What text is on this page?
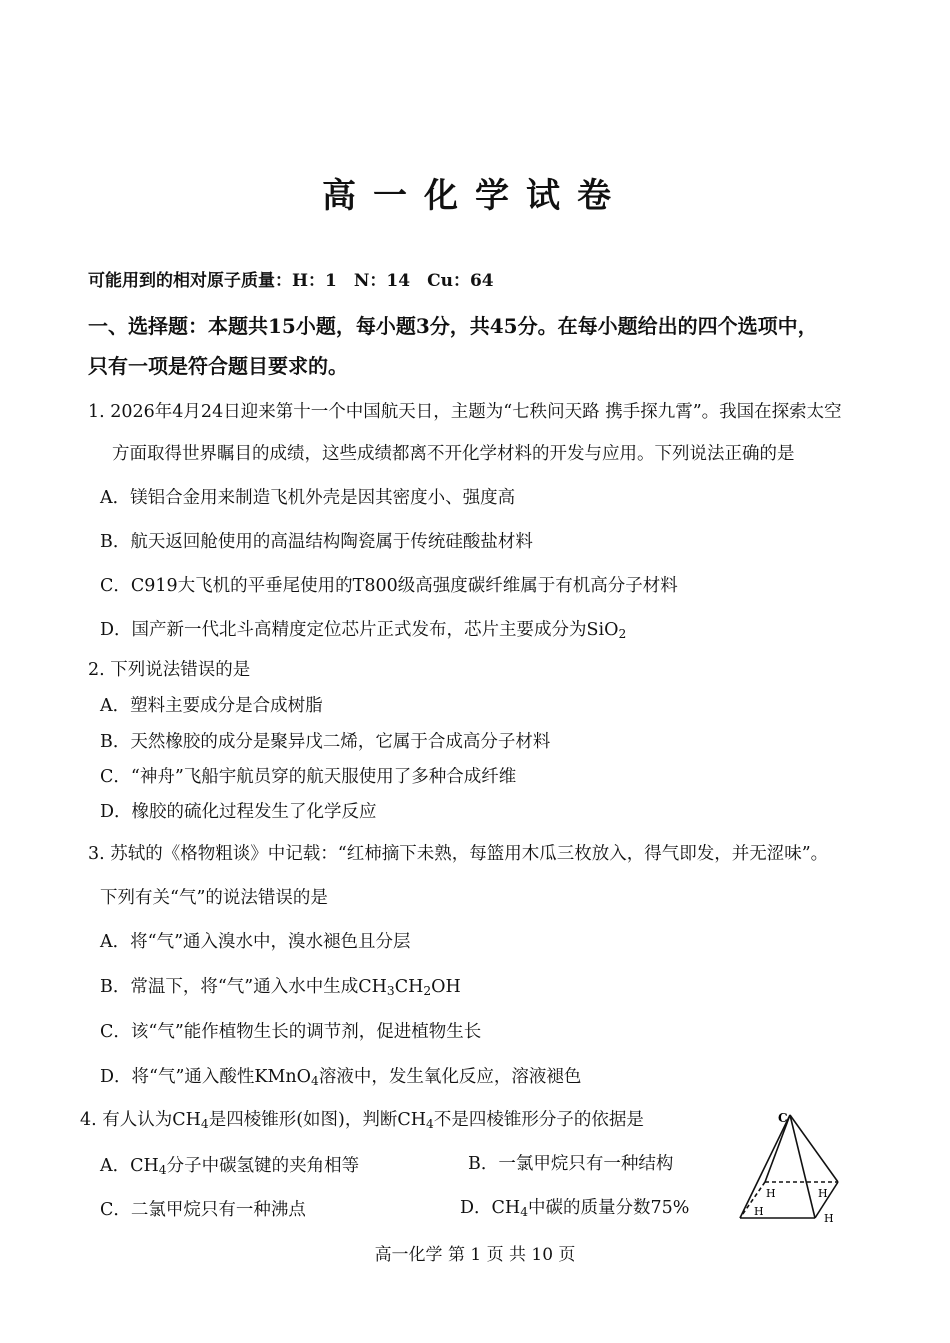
高一化学试卷
可能用到的相对原子质量：H：1　N：14　Cu：64
一、选择题：本题共15小题，每小题3分，共45分。在每小题给出的四个选项中，
只有一项是符合题目要求的。
1. 2026年4月24日迎来第十一个中国航天日，主题为“七秩问天路 携手探九霄”。我国在探索太空
方面取得世界瞩目的成绩，这些成绩都离不开化学材料的开发与应用。下列说法正确的是
A．镁铝合金用来制造飞机外壳是因其密度小、强度高
B．航天返回舱使用的高温结构陶瓷属于传统硅酸盐材料
C．C919大飞机的平垂尾使用的T800级高强度碳纤维属于有机高分子材料
D．国产新一代北斗高精度定位芯片正式发布，芯片主要成分为SiO$_2$
2. 下列说法错误的是
A．塑料主要成分是合成树脂
B．天然橡胶的成分是聚异戊二烯，它属于合成高分子材料
C．“神舟”飞船宇航员穿的航天服使用了多种合成纤维
D．橡胶的硫化过程发生了化学反应
3. 苏轼的《格物粗谈》中记载：“红柿摘下未熟，每篮用木瓜三枚放入，得气即发，并无涩味”。
下列有关“气”的说法错误的是
A．将“气”通入溴水中，溴水褪色且分层
B．常温下，将“气”通入水中生成$CH_3CH_2OH$
C．该“气”能作植物生长的调节剂，促进植物生长
D．将“气”通入酸性KMnO$_4$溶液中，发生氧化反应，溶液褪色
4. 有人认为$CH_4$是四棱锥形(如图)，判断$CH_4$不是四棱锥形分子的依据是
A．$CH_4$分子中碳氢键的夹角相等	B．一氯甲烷只有一种结构
C．二氯甲烷只有一种沸点	D．$CH_4$中碳的质量分数75%
C
H	H
H
H
高一化学 第 1 页 共 10 页
